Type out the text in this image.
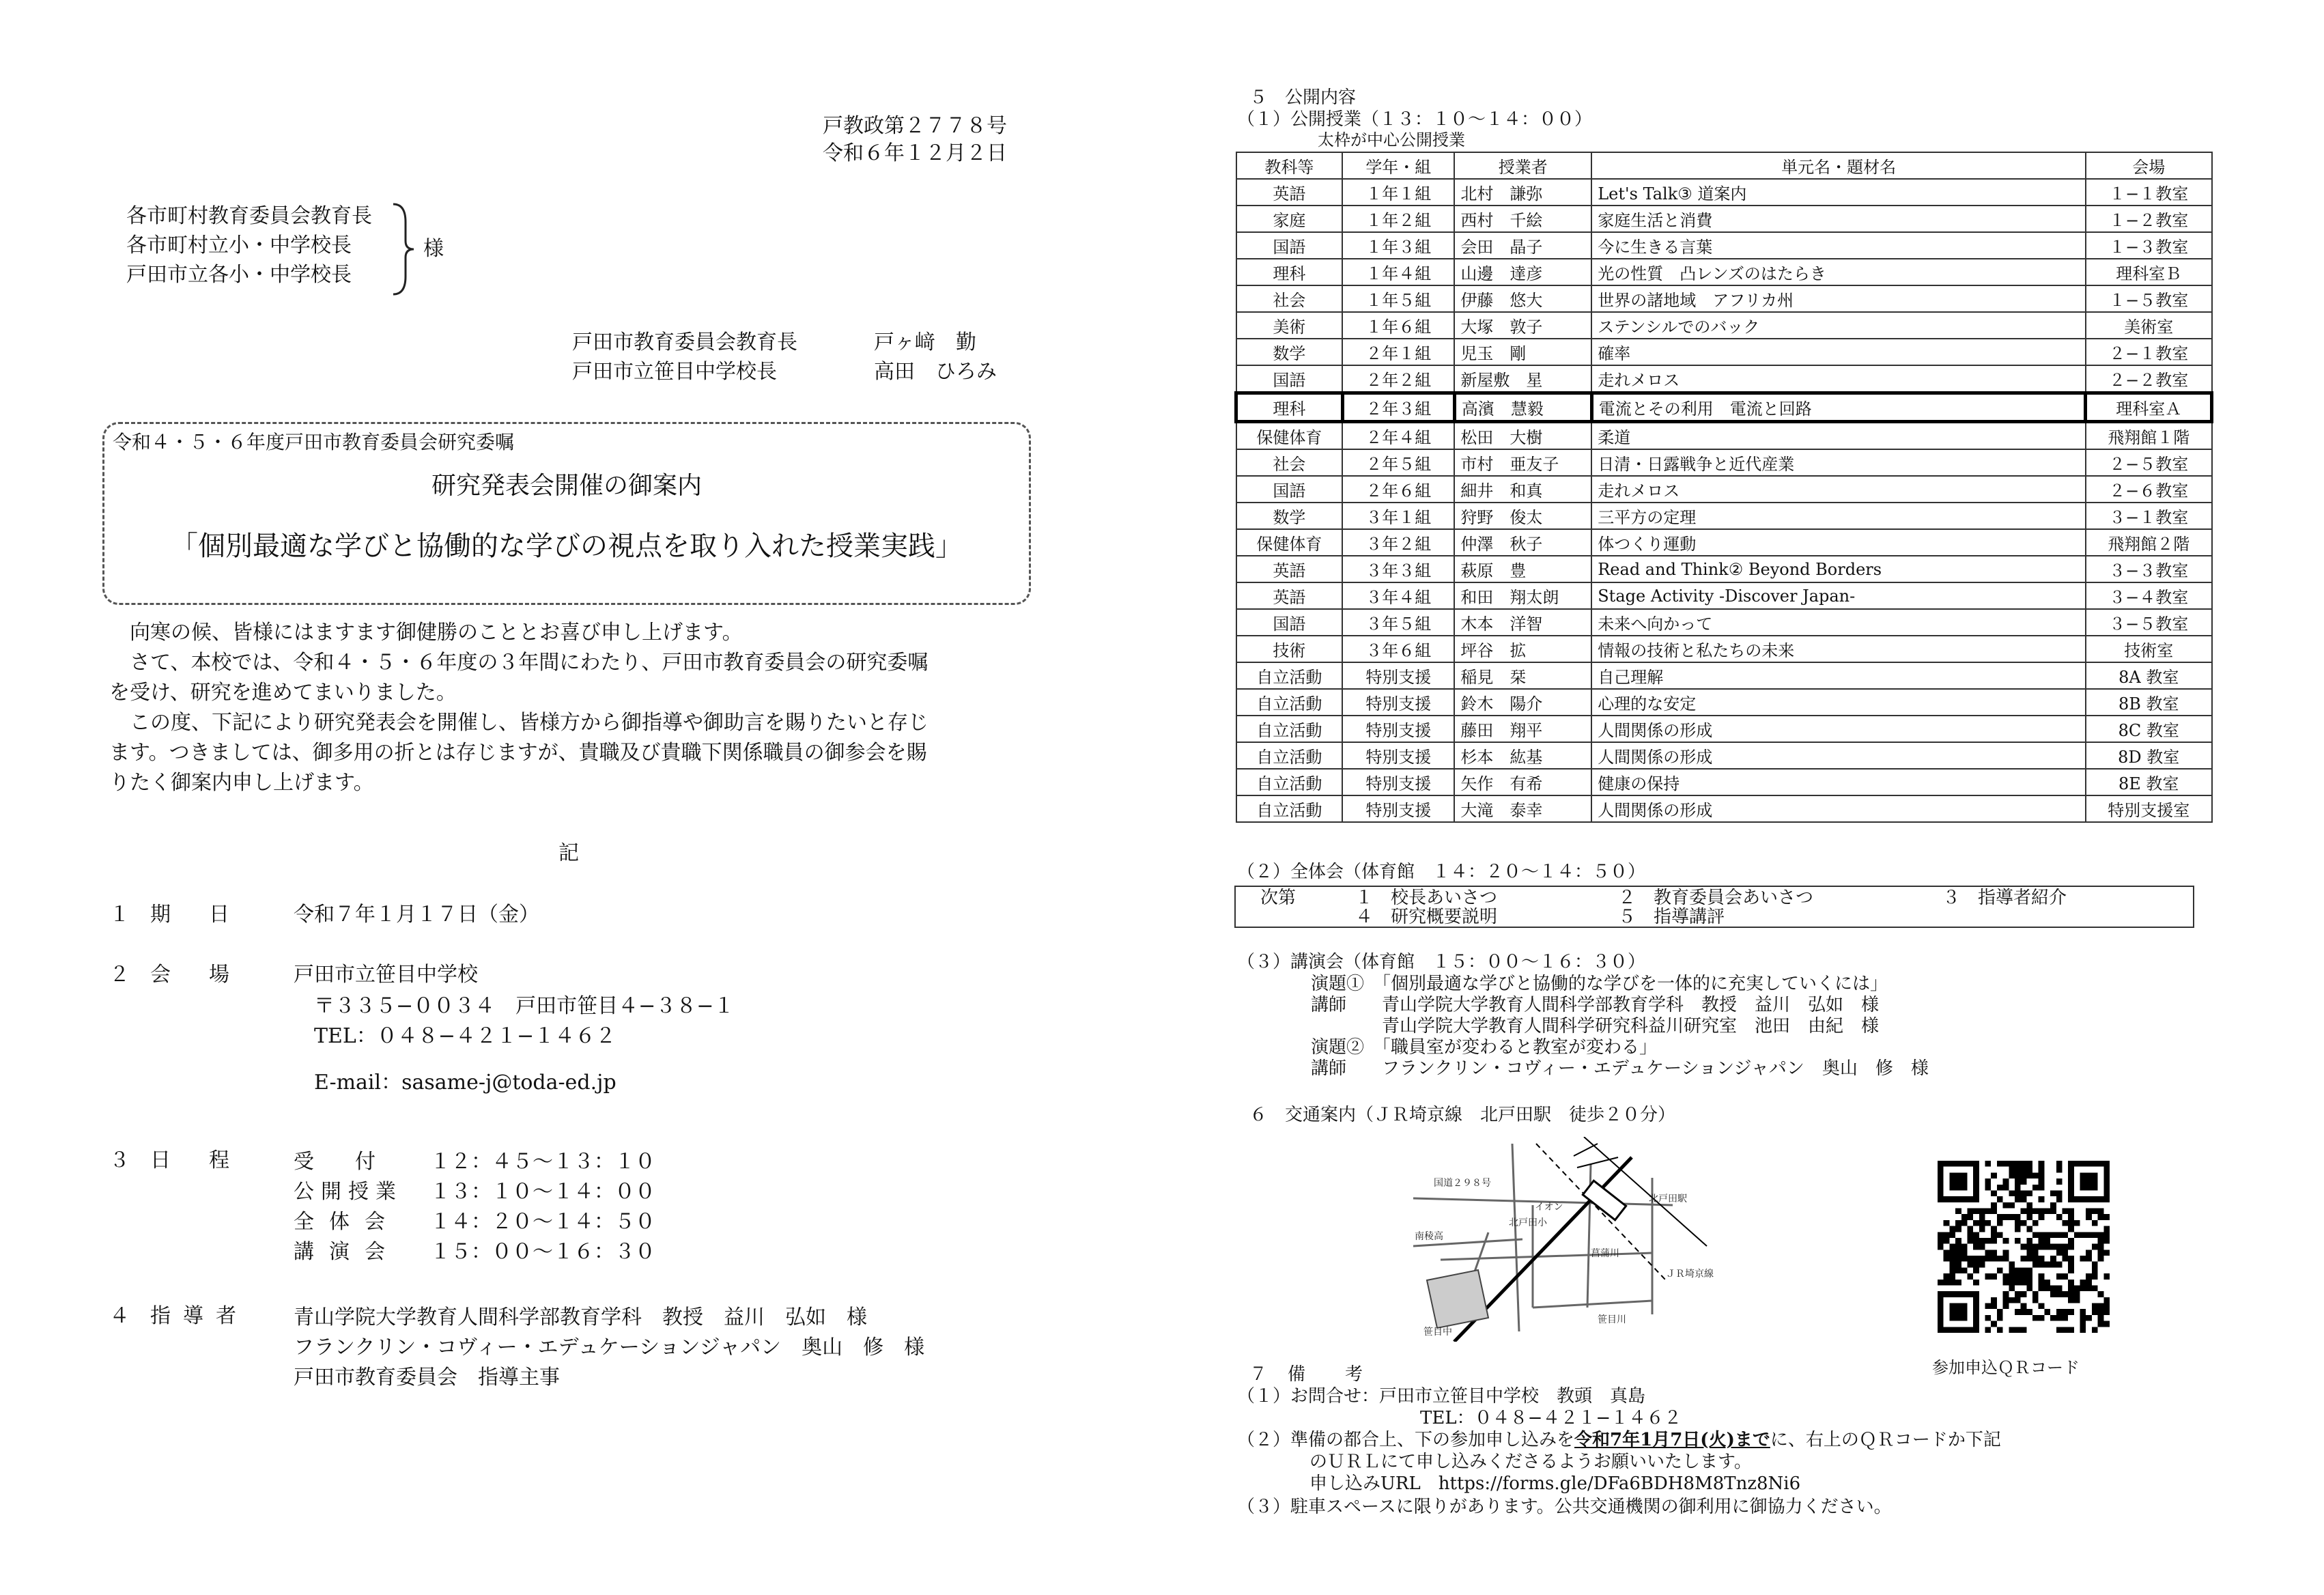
戸教政第２７７８号
令和６年１２月２日
各市町村教育委員会教育長
各市町村立小・中学校長
戸田市立各小・中学校長
様
戸田市教育委員会教育長	戸ヶ﨑　勤
戸田市立笹目中学校長	高田　ひろみ
令和４・５・６年度戸田市教育委員会研究委嘱
研究発表会開催の御案内
「個別最適な学びと協働的な学びの視点を取り入れた授業実践」
向寒の候、皆様にはますます御健勝のこととお喜び申し上げます。
さて、本校では、令和４・５・６年度の３年間にわたり、戸田市教育委員会の研究委嘱
を受け、研究を進めてまいりました。
この度、下記により研究発表会を開催し、皆様方から御指導や御助言を賜りたいと存じ
ます。つきましては、御多用の折とは存じますが、貴職及び貴職下関係職員の御参会を賜
りたく御案内申し上げます。
記
１	期日	令和７年１月１７日（金）
２	会場	戸田市立笹目中学校
〒３３５−００３４　戸田市笹目４−３８−１
TEL：０４８−４２１−１４６２
E-mail：sasame-j@toda-ed.jp
３	日程	受付 １２：４５〜１３：１０
公開授業 １３：１０〜１４：００
全体会 １４：２０〜１４：５０
講演会 １５：００〜１６：３０
４	指導者	青山学院大学教育人間科学部教育学科　教授　益川　弘如　様
フランクリン・コヴィー・エデュケーションジャパン　奥山　修　様
戸田市教育委員会　指導主事
５　公開内容
（１）公開授業（１３：１０〜１４：００）
太枠が中心公開授業
教科等	学年・組	授業者	単元名・題材名	会場
英語	１年１組	北村　謙弥	Let's Talk③ 道案内	１−１教室
家庭	１年２組	西村　千絵	家庭生活と消費	１−２教室
国語	１年３組	会田　晶子	今に生きる言葉	１−３教室
理科	１年４組	山邊　達彦	光の性質　凸レンズのはたらき	理科室Ｂ
社会	１年５組	伊藤　悠大	世界の諸地域　アフリカ州	１−５教室
美術	１年６組	大塚　敦子	ステンシルでのバック	美術室
数学	２年１組	児玉　剛	確率	２−１教室
国語	２年２組	新屋敷　星	走れメロス	２−２教室
理科	２年３組	高濱　慧毅	電流とその利用　電流と回路	理科室Ａ
保健体育	２年４組	松田　大樹	柔道	飛翔館１階
社会	２年５組	市村　亜友子	日清・日露戦争と近代産業	２−５教室
国語	２年６組	細井　和真	走れメロス	２−６教室
数学	３年１組	狩野　俊太	三平方の定理	３−１教室
保健体育	３年２組	仲澤　秋子	体つくり運動	飛翔館２階
英語	３年３組	萩原　豊	Read and Think② Beyond Borders	３−３教室
英語	３年４組	和田　翔太朗	Stage Activity -Discover Japan-	３−４教室
国語	３年５組	木本　洋智	未来へ向かって	３−５教室
技術	３年６組	坪谷　拡	情報の技術と私たちの未来	技術室
自立活動	特別支援	稲見　栞	自己理解	8A 教室
自立活動	特別支援	鈴木　陽介	心理的な安定	8B 教室
自立活動	特別支援	藤田　翔平	人間関係の形成	8C 教室
自立活動	特別支援	杉本　紘基	人間関係の形成	8D 教室
自立活動	特別支援	矢作　有希	健康の保持	8E 教室
自立活動	特別支援	大滝　泰幸	人間関係の形成	特別支援室
（２）全体会（体育館　１４：２０〜１４：５０）
次第	１　校長あいさつ	２　教育委員会あいさつ	３　指導者紹介
４　研究概要説明	５　指導講評
（３）講演会（体育館　１５：００〜１６：３０）
演題①　「個別最適な学びと協働的な学びを一体的に充実していくには」
講師　　青山学院大学教育人間科学部教育学科　教授　益川　弘如　様
　　　　青山学院大学教育人間科学研究科益川研究室　池田　由紀　様
演題②　「職員室が変わると教室が変わる」
講師　　フランクリン・コヴィー・エデュケーションジャパン　奥山　修　様
６　交通案内（ＪＲ埼京線　北戸田駅　徒歩２０分）
国道２９８号
イオン
北戸田駅
北戸田小
南稜高
ＪＲ埼京線
笹目中
笹目川
菖蒲川
参加申込ＱＲコード
７　備　　考
（１）お問合せ：戸田市立笹目中学校　教頭　真島
TEL：０４８−４２１−１４６２
（２）準備の都合上、下の参加申し込みを令和7年1月7日(火)までに、右上のＱＲコードか下記
のＵＲＬにて申し込みくださるようお願いいたします。
申し込みURL　https://forms.gle/DFa6BDH8M8Tnz8Ni6
（３）駐車スペースに限りがあります。公共交通機関の御利用に御協力ください。
